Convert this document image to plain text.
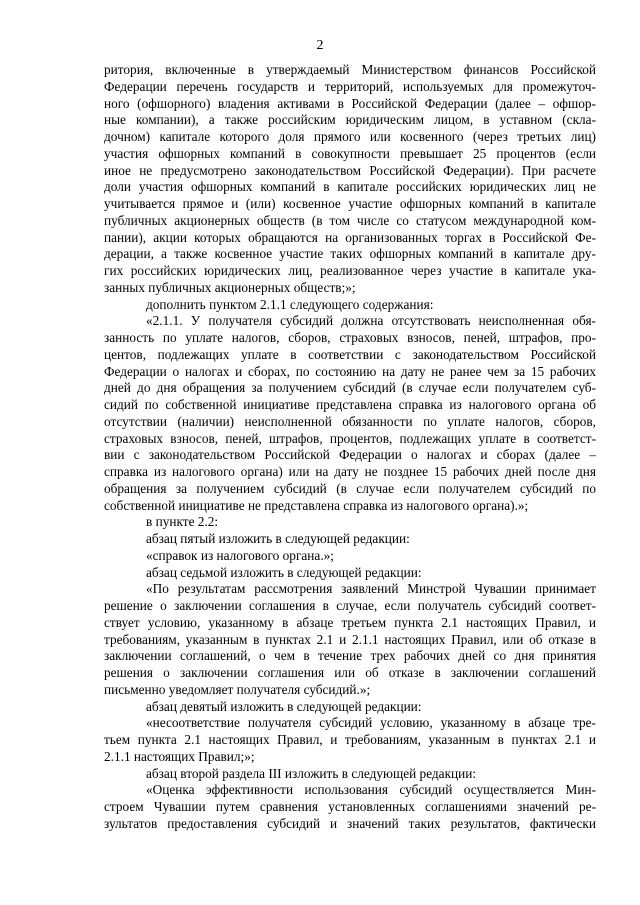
2
ритория, включенные в утверждаемый Министерством финансов Российской
Федерации перечень государств и территорий, используемых для промежуточ-
ного (офшорного) владения активами в Российской Федерации (далее – офшор-
ные компании), а также российским юридическим лицом, в уставном (скла-
дочном) капитале которого доля прямого или косвенного (через третьих лиц)
участия офшорных компаний в совокупности превышает 25 процентов (если
иное не предусмотрено законодательством Российской Федерации). При расчете
доли участия офшорных компаний в капитале российских юридических лиц не
учитывается прямое и (или) косвенное участие офшорных компаний в капитале
публичных акционерных обществ (в том числе со статусом международной ком-
пании), акции которых обращаются на организованных торгах в Российской Фе-
дерации, а также косвенное участие таких офшорных компаний в капитале дру-
гих российских юридических лиц, реализованное через участие в капитале ука-
занных публичных акционерных обществ;»;
дополнить пунктом 2.1.1 следующего содержания:
«2.1.1. У получателя субсидий должна отсутствовать неисполненная обя-
занность по уплате налогов, сборов, страховых взносов, пеней, штрафов, про-
центов, подлежащих уплате в соответствии с законодательством Российской
Федерации о налогах и сборах, по состоянию на дату не ранее чем за 15 рабочих
дней до дня обращения за получением субсидий (в случае если получателем суб-
сидий по собственной инициативе представлена справка из налогового органа об
отсутствии (наличии) неисполненной обязанности по уплате налогов, сборов,
страховых взносов, пеней, штрафов, процентов, подлежащих уплате в соответст-
вии с законодательством Российской Федерации о налогах и сборах (далее –
справка из налогового органа) или на дату не позднее 15 рабочих дней после дня
обращения за получением субсидий (в случае если получателем субсидий по
собственной инициативе не представлена справка из налогового органа).»;
в пункте 2.2:
абзац пятый изложить в следующей редакции:
«справок из налогового органа.»;
абзац седьмой изложить в следующей редакции:
«По результатам рассмотрения заявлений Минстрой Чувашии принимает
решение о заключении соглашения в случае, если получатель субсидий соответ-
ствует условию, указанному в абзаце третьем пункта 2.1 настоящих Правил, и
требованиям, указанным в пунктах 2.1 и 2.1.1 настоящих Правил, или об отказе в
заключении соглашений, о чем в течение трех рабочих дней со дня принятия
решения о заключении соглашения или об отказе в заключении соглашений
письменно уведомляет получателя субсидий.»;
абзац девятый изложить в следующей редакции:
«несоответствие получателя субсидий условию, указанному в абзаце тре-
тьем пункта 2.1 настоящих Правил, и требованиям, указанным в пунктах 2.1 и
2.1.1 настоящих Правил;»;
абзац второй раздела III изложить в следующей редакции:
«Оценка эффективности использования субсидий осуществляется Мин-
строем Чувашии путем сравнения установленных соглашениями значений ре-
зультатов предоставления субсидий и значений таких результатов, фактически
